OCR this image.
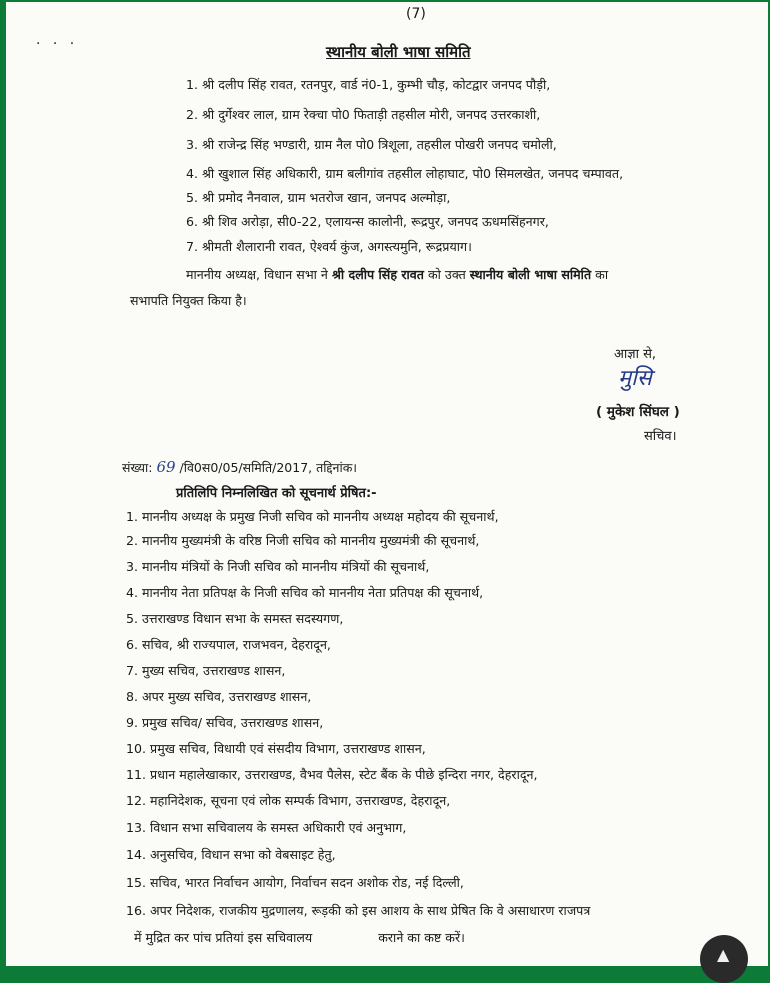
(7)
· · ·	स्थानीय बोली भाषा समिति
1. श्री दलीप सिंह रावत, रतनपुर, वार्ड नं0-1, कुम्भी चौड़, कोटद्वार जनपद पौड़ी,
2. श्री दुर्गेश्वर लाल, ग्राम रेक्चा पो0 फिताड़ी तहसील मोरी, जनपद उत्तरकाशी,
3. श्री राजेन्द्र सिंह भण्डारी, ग्राम नैल पो0 त्रिशूला, तहसील पोखरी जनपद चमोली,
4. श्री खुशाल सिंह अधिकारी, ग्राम बलीगांव तहसील लोहाघाट, पो0 सिमलखेत, जनपद चम्पावत,
5. श्री प्रमोद नैनवाल, ग्राम भतरोज खान, जनपद अल्मोड़ा,
6. श्री शिव अरोड़ा, सी0-22, एलायन्स कालोनी, रूद्रपुर, जनपद ऊधमसिंहनगर,
7. श्रीमती शैलारानी रावत, ऐश्वर्य कुंज, अगस्त्यमुनि, रूद्रप्रयाग।
माननीय अध्यक्ष, विधान सभा ने श्री दलीप सिंह रावत को उक्त स्थानीय बोली भाषा समिति का
सभापति नियुक्त किया है।
आज्ञा से,
मुसि
( मुकेश सिंघल )
सचिव।
संख्या: 69 /वि0स0/05/समिति/2017, तद्दिनांक।
प्रतिलिपि निम्नलिखित को सूचनार्थ प्रेषित:-
1. माननीय अध्यक्ष के प्रमुख निजी सचिव को माननीय अध्यक्ष महोदय की सूचनार्थ,
2. माननीय मुख्यमंत्री के वरिष्ठ निजी सचिव को माननीय मुख्यमंत्री की सूचनार्थ,
3. माननीय मंत्रियों के निजी सचिव को माननीय मंत्रियों की सूचनार्थ,
4. माननीय नेता प्रतिपक्ष के निजी सचिव को माननीय नेता प्रतिपक्ष की सूचनार्थ,
5. उत्तराखण्ड विधान सभा के समस्त सदस्यगण,
6. सचिव, श्री राज्यपाल, राजभवन, देहरादून,
7. मुख्य सचिव, उत्तराखण्ड शासन,
8. अपर मुख्य सचिव, उत्तराखण्ड शासन,
9. प्रमुख सचिव/ सचिव, उत्तराखण्ड शासन,
10. प्रमुख सचिव, विधायी एवं संसदीय विभाग, उत्तराखण्ड शासन,
11. प्रधान महालेखाकार, उत्तराखण्ड, वैभव पैलेस, स्टेट बैंक के पीछे इन्दिरा नगर, देहरादून,
12. महानिदेशक, सूचना एवं लोक सम्पर्क विभाग, उत्तराखण्ड, देहरादून,
13. विधान सभा सचिवालय के समस्त अधिकारी एवं अनुभाग,
14. अनुसचिव, विधान सभा को वेबसाइट हेतु,
15. सचिव, भारत निर्वाचन आयोग, निर्वाचन सदन अशोक रोड, नई दिल्ली,
16. अपर निदेशक, राजकीय मुद्रणालय, रूड़की को इस आशय के साथ प्रेषित कि वे असाधारण राजपत्र
में मुद्रित कर पांच प्रतियां इस सचिवालय	कराने का कष्ट करें।
▲
